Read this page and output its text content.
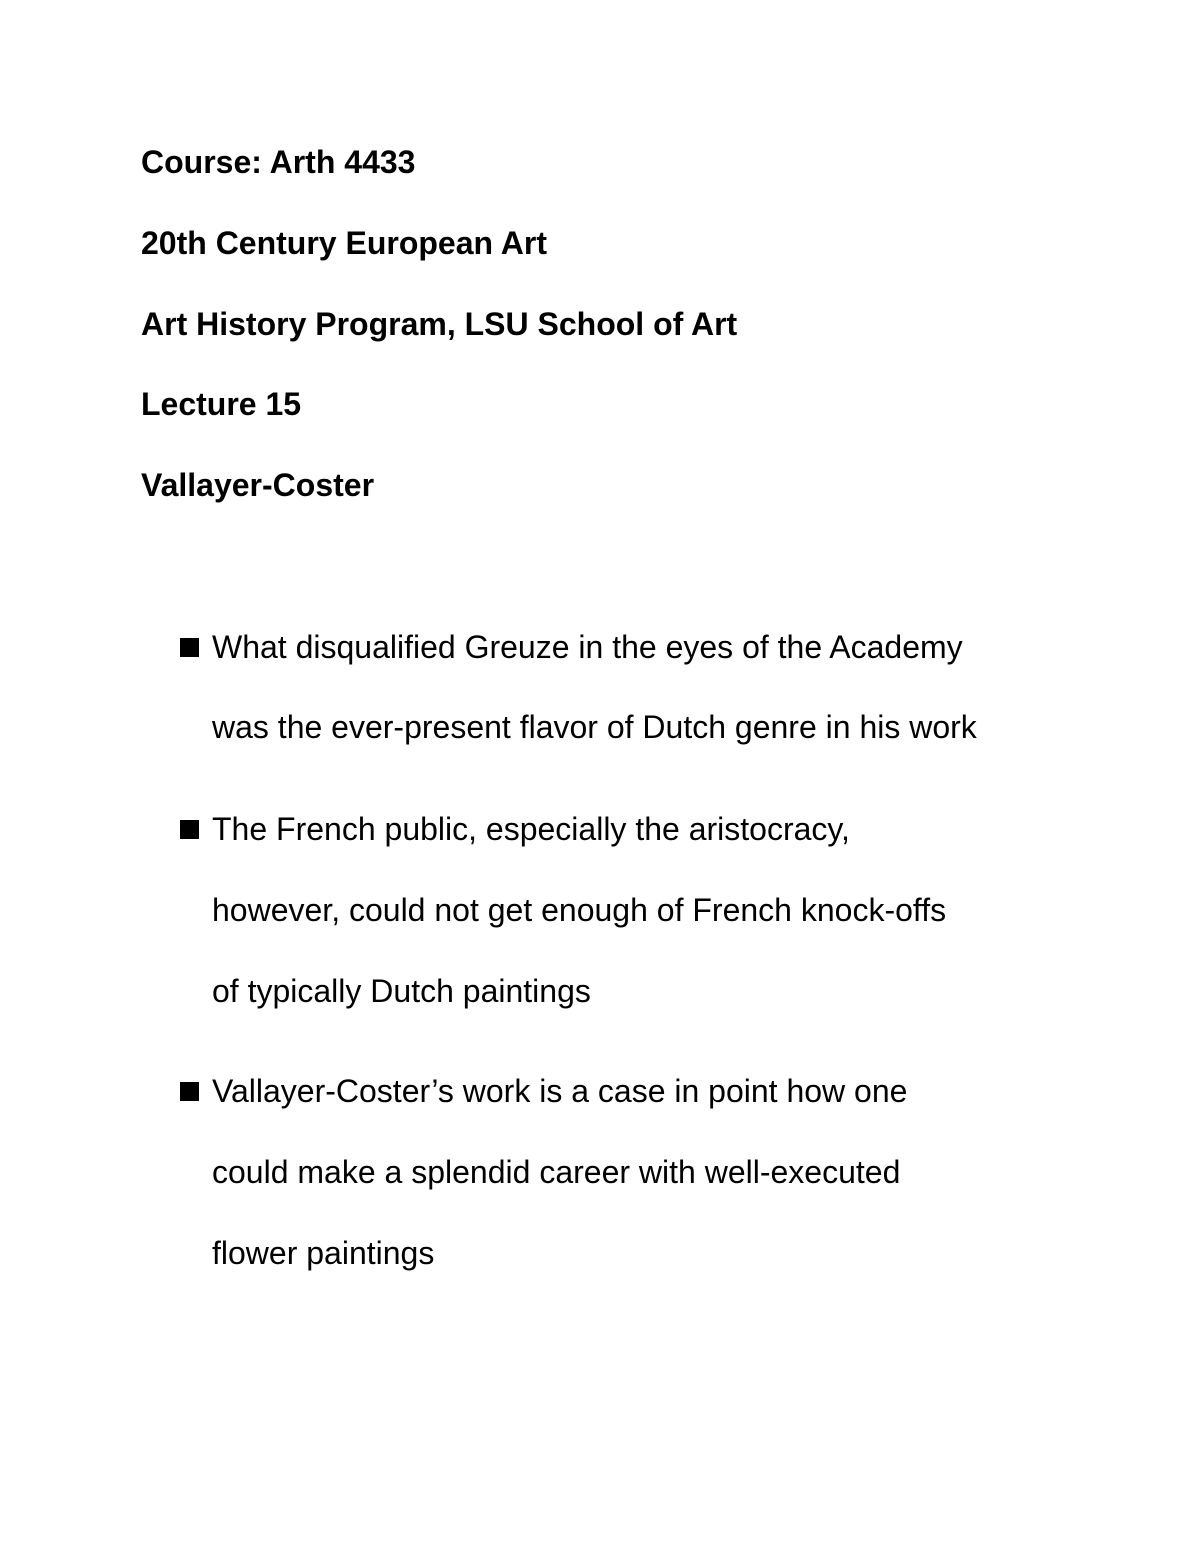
Course: Arth 4433

20th Century European Art

Art History Program, LSU School of Art

Lecture 15

Vallayer-Coster

What disqualified Greuze in the eyes of the Academy

was the ever-present flavor of Dutch genre in his work

The French public, especially the aristocracy,

however, could not get enough of French knock-offs

of typically Dutch paintings

Vallayer-Coster’s work is a case in point how one

could make a splendid career with well-executed

flower paintings
